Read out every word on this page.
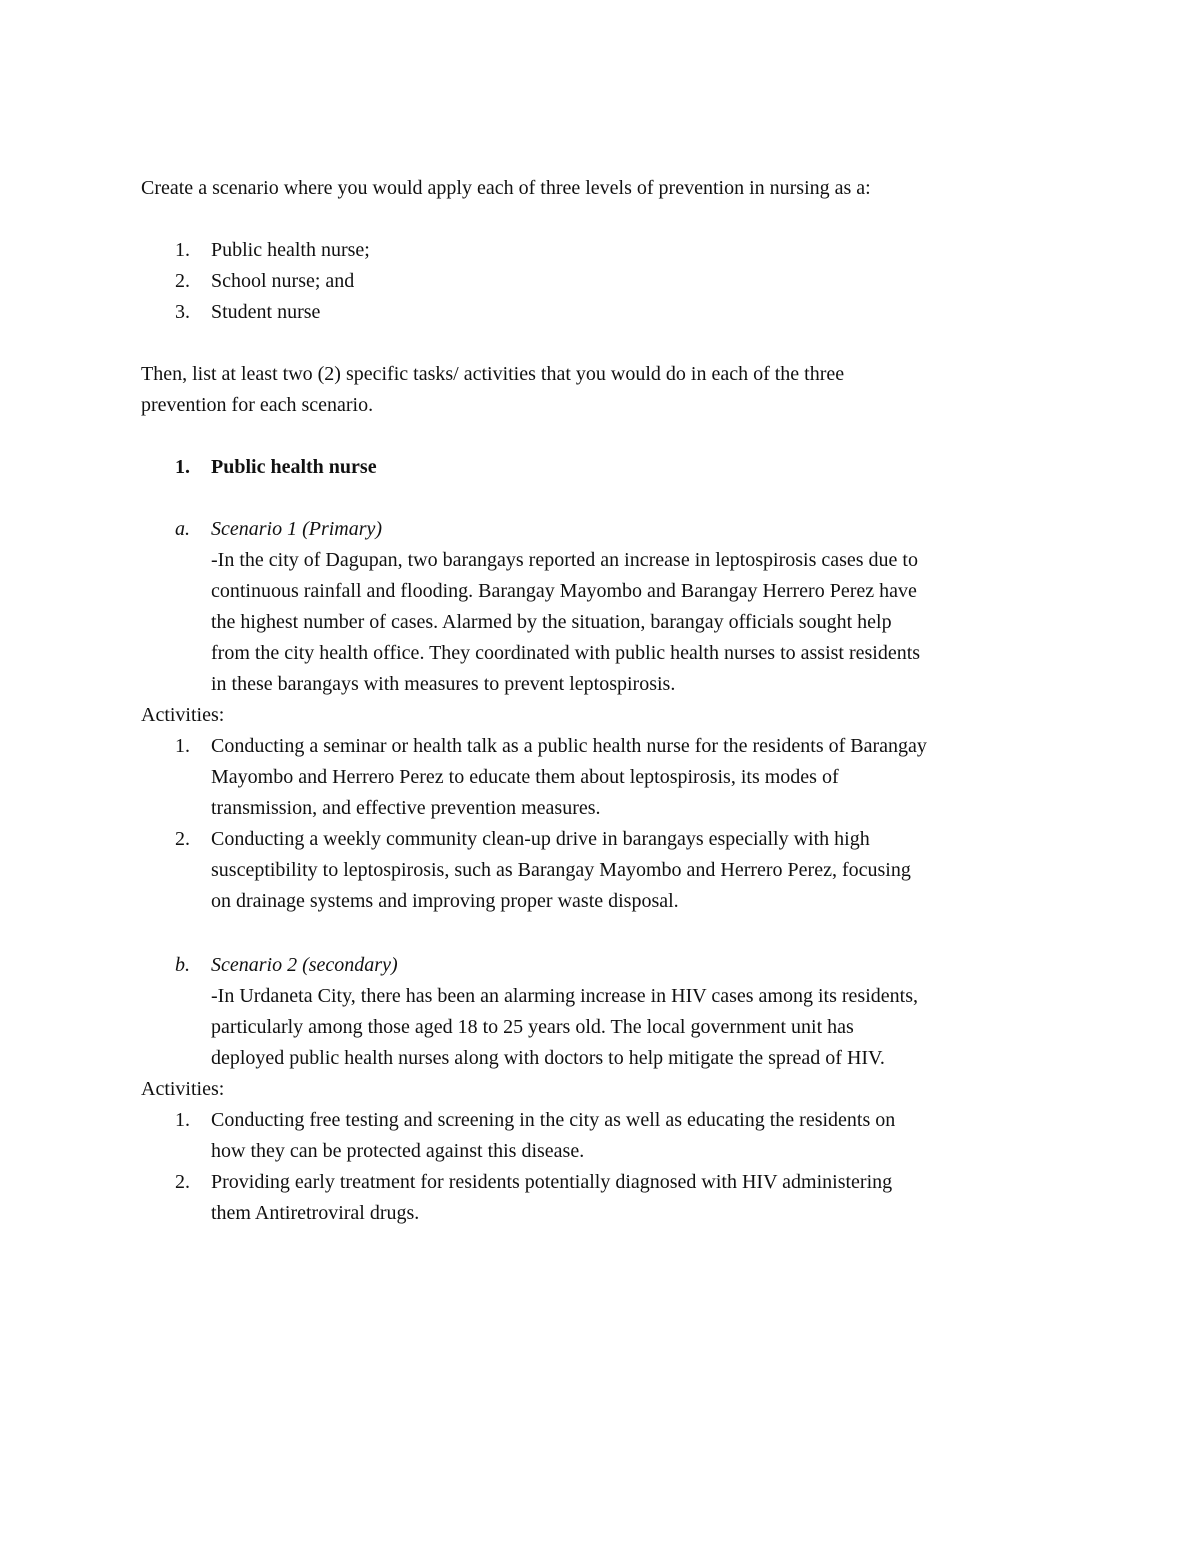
Create a scenario where you would apply each of three levels of prevention in nursing as a:
1. Public health nurse;
2. School nurse; and
3. Student nurse
Then, list at least two (2) specific tasks/ activities that you would do in each of the three
prevention for each scenario.
1. Public health nurse
a. Scenario 1 (Primary)
-In the city of Dagupan, two barangays reported an increase in leptospirosis cases due to
continuous rainfall and flooding. Barangay Mayombo and Barangay Herrero Perez have
the highest number of cases. Alarmed by the situation, barangay officials sought help
from the city health office. They coordinated with public health nurses to assist residents
in these barangays with measures to prevent leptospirosis.
Activities:
1. Conducting a seminar or health talk as a public health nurse for the residents of Barangay
Mayombo and Herrero Perez to educate them about leptospirosis, its modes of
transmission, and effective prevention measures.
2. Conducting a weekly community clean-up drive in barangays especially with high
susceptibility to leptospirosis, such as Barangay Mayombo and Herrero Perez, focusing
on drainage systems and improving proper waste disposal.
b. Scenario 2 (secondary)
-In Urdaneta City, there has been an alarming increase in HIV cases among its residents,
particularly among those aged 18 to 25 years old. The local government unit has
deployed public health nurses along with doctors to help mitigate the spread of HIV.
Activities:
1. Conducting free testing and screening in the city as well as educating the residents on
how they can be protected against this disease.
2. Providing early treatment for residents potentially diagnosed with HIV administering
them Antiretroviral drugs.
